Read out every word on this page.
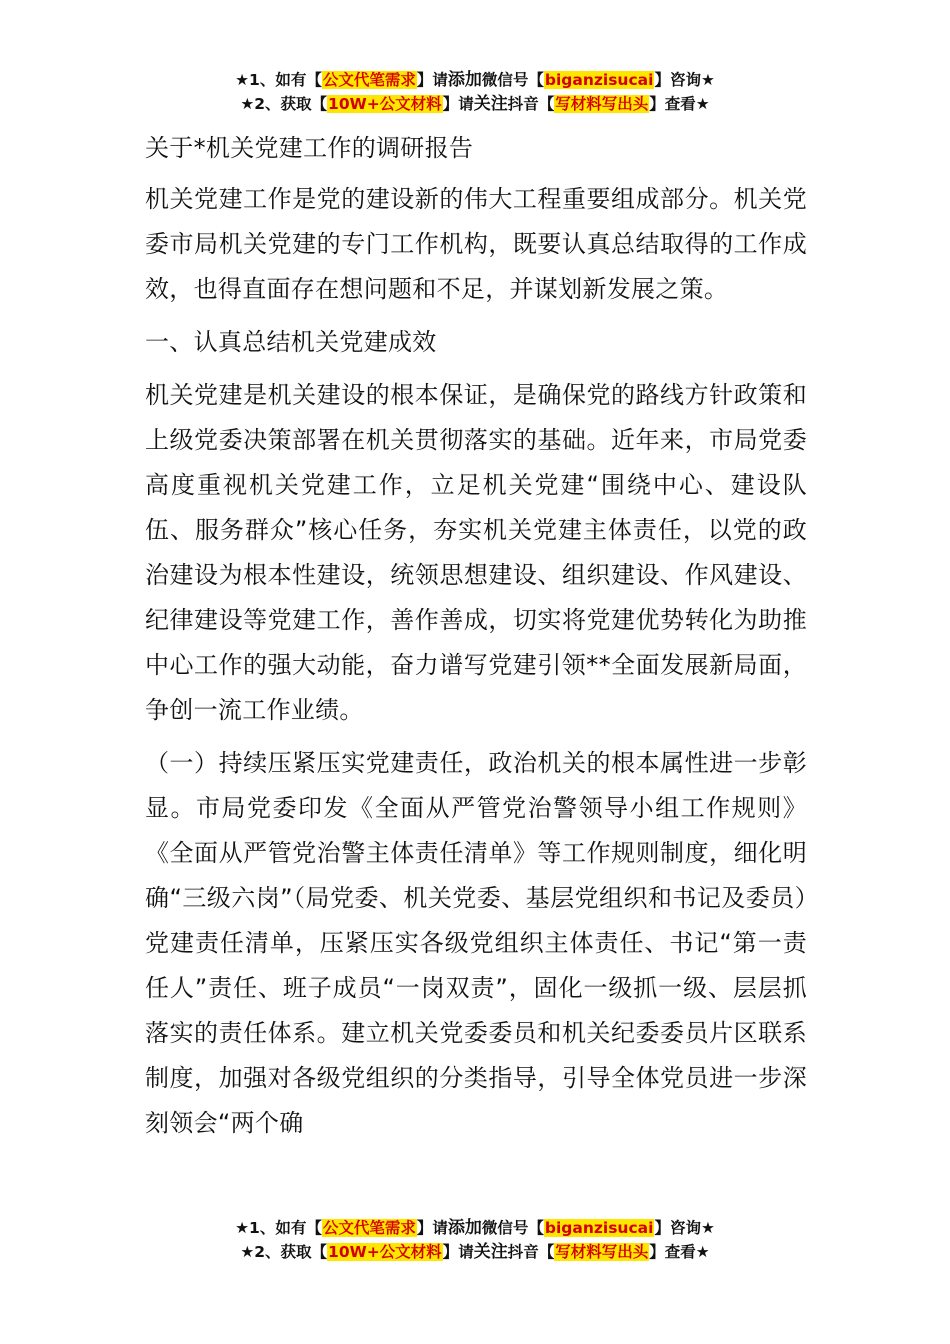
★1、如有【公文代笔需求】请添加微信号【biganzisucai】咨询★
★2、获取【10W+公文材料】请关注抖音【写材料写出头】查看★

关于*机关党建工作的调研报告

机关党建工作是党的建设新的伟大工程重要组成部分。机关党委市局机关党建的专门工作机构，既要认真总结取得的工作成效，也得直面存在想问题和不足，并谋划新发展之策。

一、认真总结机关党建成效

机关党建是机关建设的根本保证，是确保党的路线方针政策和上级党委决策部署在机关贯彻落实的基础。近年来，市局党委高度重视机关党建工作，立足机关党建“围绕中心、建设队伍、服务群众”核心任务，夯实机关党建主体责任，以党的政治建设为根本性建设，统领思想建设、组织建设、作风建设、纪律建设等党建工作，善作善成，切实将党建优势转化为助推中心工作的强大动能，奋力谱写党建引领**全面发展新局面，争创一流工作业绩。

（一）持续压紧压实党建责任，政治机关的根本属性进一步彰显。市局党委印发《全面从严管党治警领导小组工作规则》《全面从严管党治警主体责任清单》等工作规则制度，细化明确“三级六岗”（局党委、机关党委、基层党组织和书记及委员）党建责任清单，压紧压实各级党组织主体责任、书记“第一责任人”责任、班子成员“一岗双责”，固化一级抓一级、层层抓落实的责任体系。建立机关党委委员和机关纪委委员片区联系制度，加强对各级党组织的分类指导，引导全体党员进一步深刻领会“两个确

★1、如有【公文代笔需求】请添加微信号【biganzisucai】咨询★
★2、获取【10W+公文材料】请关注抖音【写材料写出头】查看★
